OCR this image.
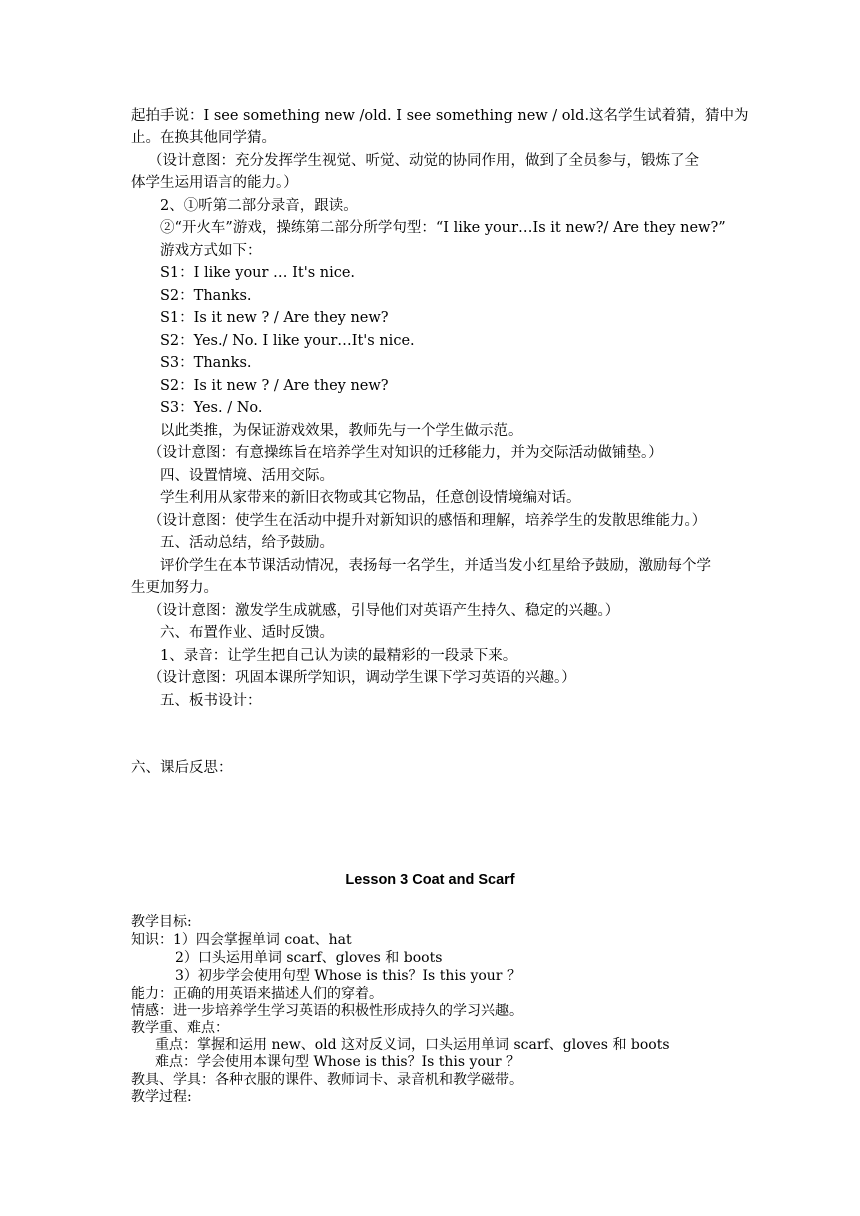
起拍手说：I see something new /old. I see something new / old.这名学生试着猜，猜中为
止。在换其他同学猜。
（设计意图：充分发挥学生视觉、听觉、动觉的协同作用，做到了全员参与，锻炼了全
体学生运用语言的能力。）
2、①听第二部分录音，跟读。
②“开火车”游戏，操练第二部分所学句型：“I like your…Is it new?/ Are they new?”
游戏方式如下：
S1：I like your … It's nice.
S2：Thanks.
S1：Is it new ? / Are they new?
S2：Yes./ No. I like your…It's nice.
S3：Thanks.
S2：Is it new ? / Are they new?
S3：Yes. / No.
以此类推，为保证游戏效果，教师先与一个学生做示范。
（设计意图：有意操练旨在培养学生对知识的迁移能力，并为交际活动做铺垫。）
四、设置情境、活用交际。
学生利用从家带来的新旧衣物或其它物品，任意创设情境编对话。
（设计意图：使学生在活动中提升对新知识的感悟和理解，培养学生的发散思维能力。）
五、活动总结，给予鼓励。
评价学生在本节课活动情况，表扬每一名学生，并适当发小红星给予鼓励，激励每个学
生更加努力。
（设计意图：激发学生成就感，引导他们对英语产生持久、稳定的兴趣。）
六、布置作业、适时反馈。
1、录音：让学生把自己认为读的最精彩的一段录下来。
（设计意图：巩固本课所学知识，调动学生课下学习英语的兴趣。）
五、板书设计：
六、课后反思：
Lesson 3 Coat and Scarf
教学目标:
知识：1）四会掌握单词 coat、hat
2）口头运用单词 scarf、gloves 和 boots
3）初步学会使用句型 Whose is this？Is this your ？
能力：正确的用英语来描述人们的穿着。
情感：进一步培养学生学习英语的积极性形成持久的学习兴趣。
教学重、难点：
重点：掌握和运用 new、old 这对反义词，口头运用单词 scarf、gloves 和 boots
难点：学会使用本课句型 Whose is this？Is this your ？
教具、学具：各种衣服的课件、教师词卡、录音机和教学磁带。
教学过程:
